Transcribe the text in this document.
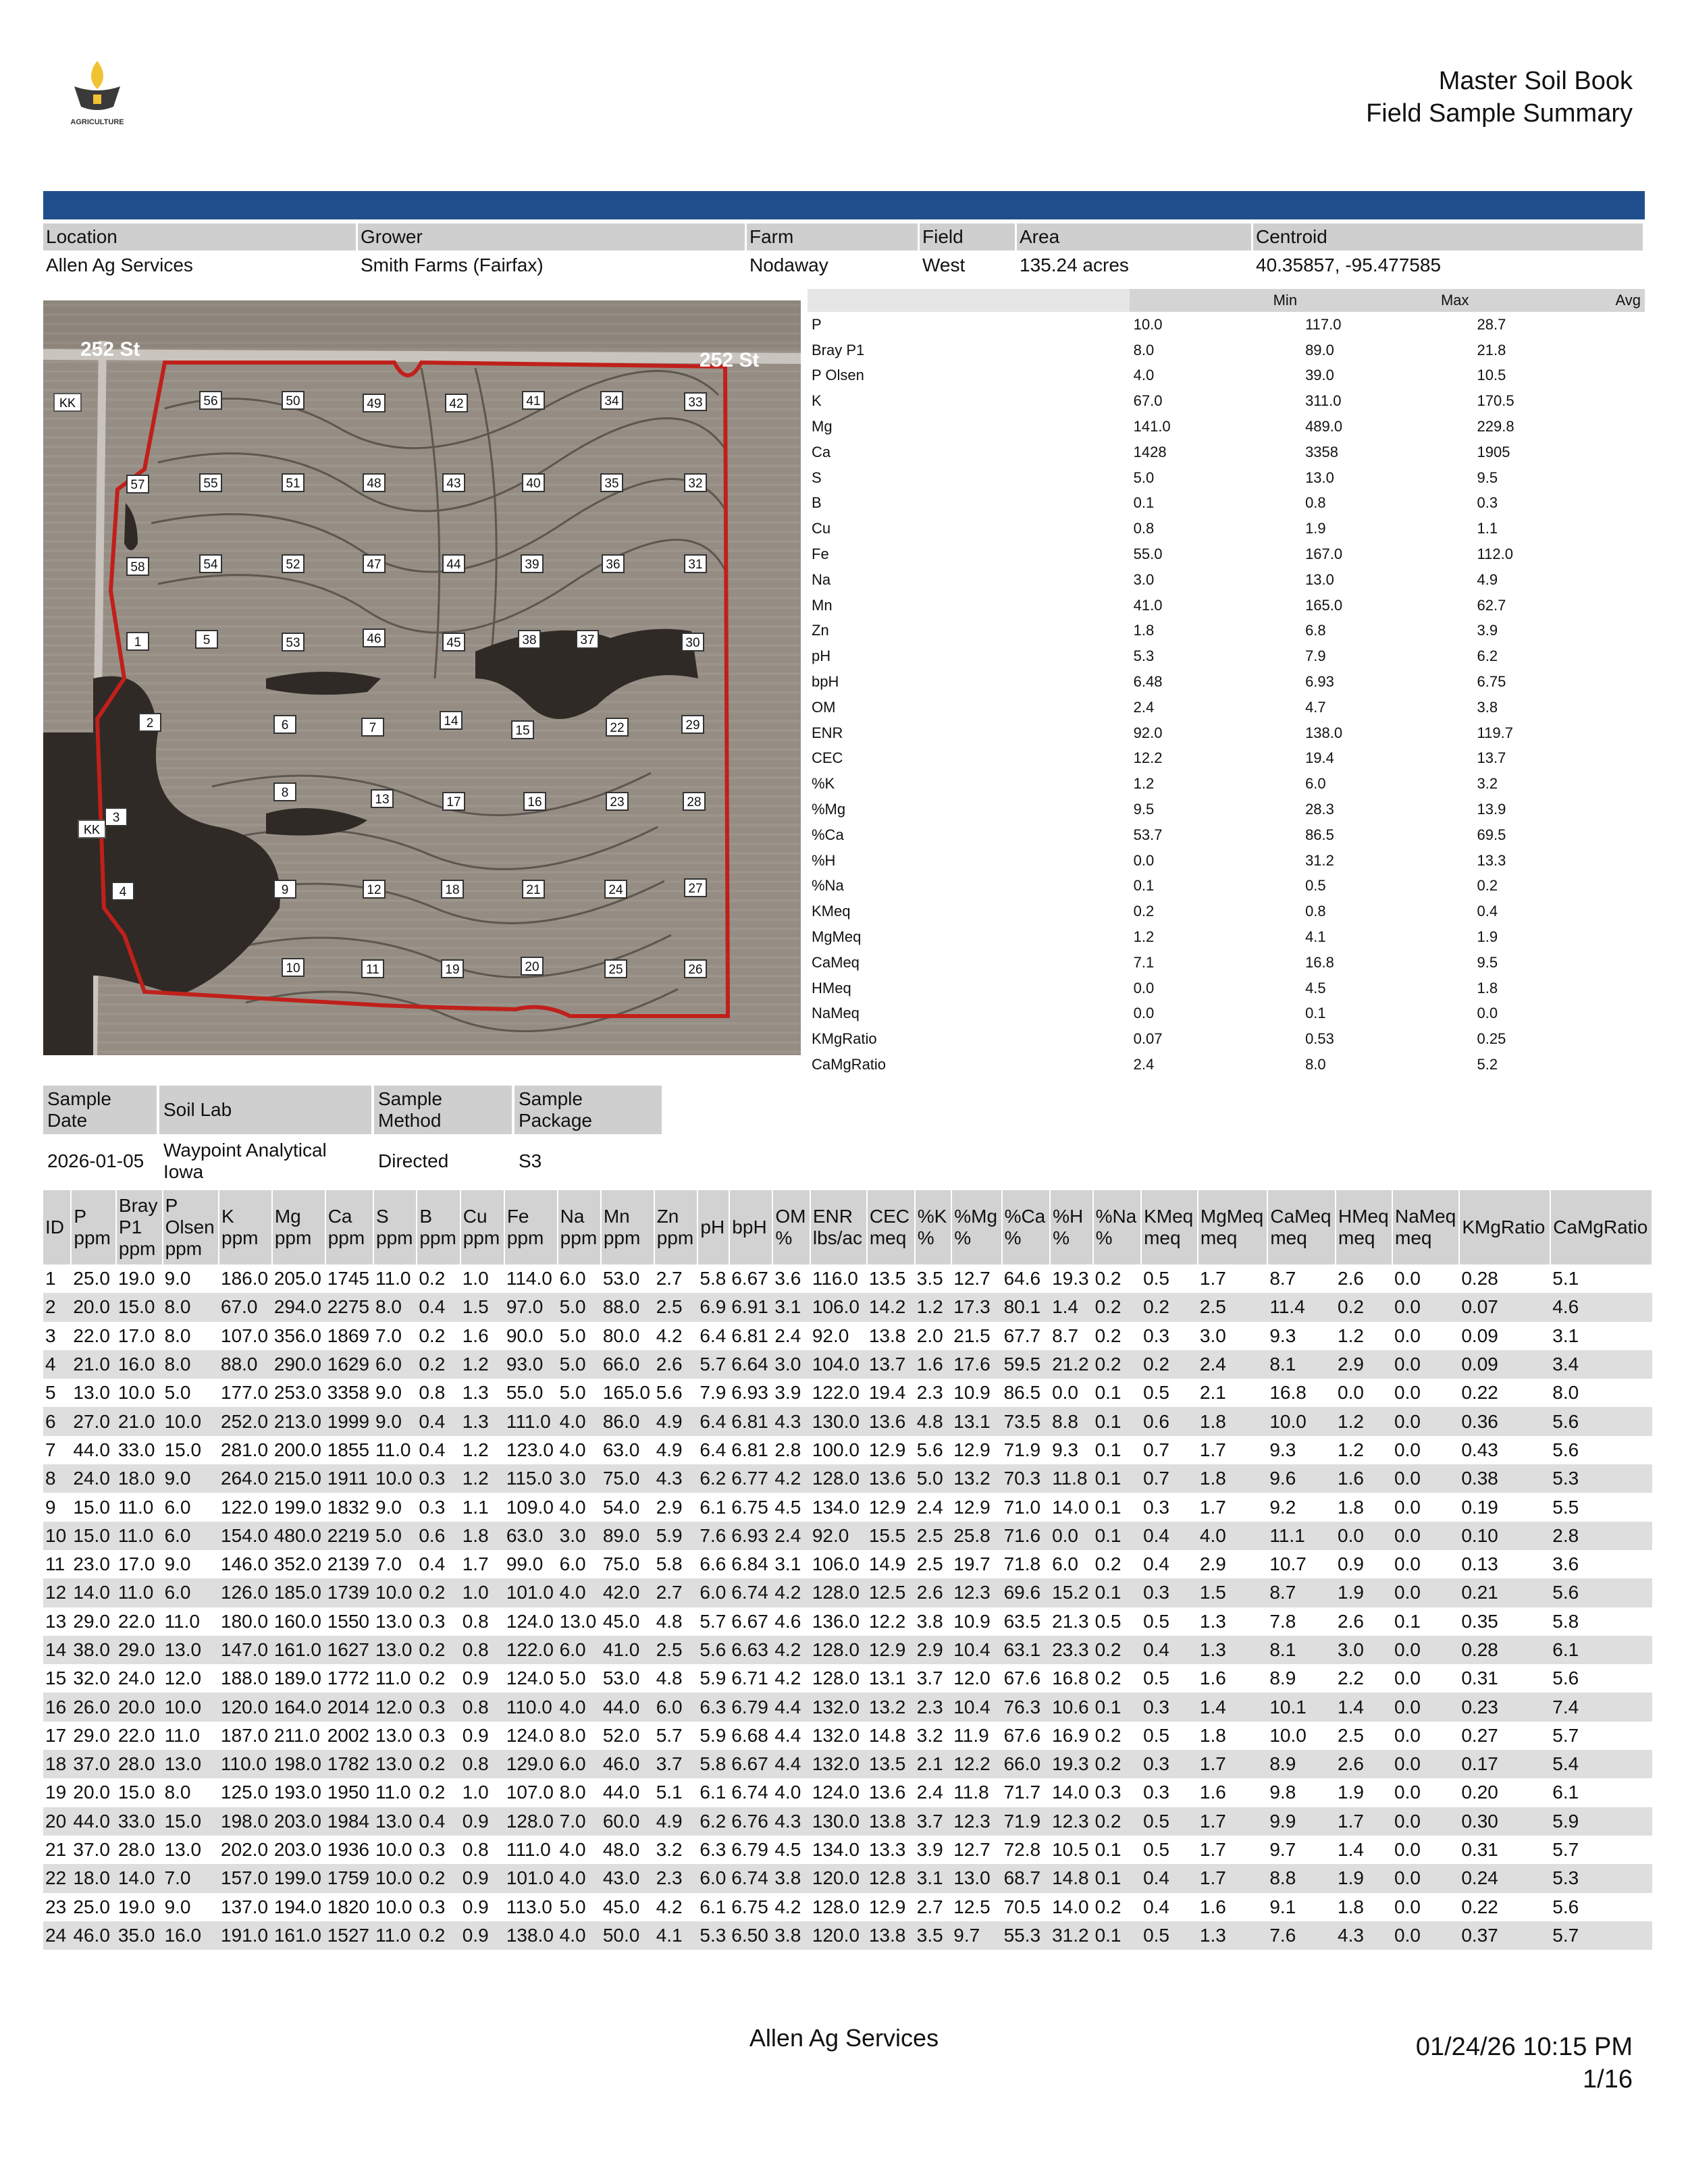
AGRICULTURE
Master Soil Book
Field Sample Summary
Location	Grower	Farm	Field	Area	Centroid
Allen Ag Services	Smith Farms (Fairfax)	Nodaway	West	135.24 acres	40.35857, -95.477585
252 St	252 St
KK
KK
1
2
3
4
5
6	7
8
9
10	11
12
13
14
15
16
17
18
19	20
21
22
23
24
25	26
27
28
29
30
31
32
33
34
35
36
37
38
39
40
41
42
43
44
45
46
47
48
49
50
51
52
53
54
55
56
57
58
	Min	Max	Avg
P	10.0	117.0	28.7
Bray P1	8.0	89.0	21.8
P Olsen	4.0	39.0	10.5
K	67.0	311.0	170.5
Mg	141.0	489.0	229.8
Ca	1428	3358	1905
S	5.0	13.0	9.5
B	0.1	0.8	0.3
Cu	0.8	1.9	1.1
Fe	55.0	167.0	112.0
Na	3.0	13.0	4.9
Mn	41.0	165.0	62.7
Zn	1.8	6.8	3.9
pH	5.3	7.9	6.2
bpH	6.48	6.93	6.75
OM	2.4	4.7	3.8
ENR	92.0	138.0	119.7
CEC	12.2	19.4	13.7
%K	1.2	6.0	3.2
%Mg	9.5	28.3	13.9
%Ca	53.7	86.5	69.5
%H	0.0	31.2	13.3
%Na	0.1	0.5	0.2
KMeq	0.2	0.8	0.4
MgMeq	1.2	4.1	1.9
CaMeq	7.1	16.8	9.5
HMeq	0.0	4.5	1.8
NaMeq	0.0	0.1	0.0
KMgRatio	0.07	0.53	0.25
CaMgRatio	2.4	8.0	5.2
Sample Date	Soil Lab	Sample Method	Sample Package
2026-01-05	Waypoint Analytical Iowa	Directed	S3
ID	P ppm	Bray P1 ppm	P Olsen ppm	K ppm	Mg ppm	Ca ppm	S ppm	B ppm	Cu ppm	Fe ppm	Na ppm	Mn ppm	Zn ppm	pH	bpH	OM %	ENR lbs/ac	CEC meq	%K %	%Mg %	%Ca %	%H %	%Na %	KMeq meq	MgMeq meq	CaMeq meq	HMeq meq	NaMeq meq	KMgRatio	CaMgRatio
1	25.0	19.0	9.0	186.0	205.0	1745	11.0	0.2	1.0	114.0	6.0	53.0	2.7	5.8	6.67	3.6	116.0	13.5	3.5	12.7	64.6	19.3	0.2	0.5	1.7	8.7	2.6	0.0	0.28	5.1
2	20.0	15.0	8.0	67.0	294.0	2275	8.0	0.4	1.5	97.0	5.0	88.0	2.5	6.9	6.91	3.1	106.0	14.2	1.2	17.3	80.1	1.4	0.2	0.2	2.5	11.4	0.2	0.0	0.07	4.6
3	22.0	17.0	8.0	107.0	356.0	1869	7.0	0.2	1.6	90.0	5.0	80.0	4.2	6.4	6.81	2.4	92.0	13.8	2.0	21.5	67.7	8.7	0.2	0.3	3.0	9.3	1.2	0.0	0.09	3.1
4	21.0	16.0	8.0	88.0	290.0	1629	6.0	0.2	1.2	93.0	5.0	66.0	2.6	5.7	6.64	3.0	104.0	13.7	1.6	17.6	59.5	21.2	0.2	0.2	2.4	8.1	2.9	0.0	0.09	3.4
5	13.0	10.0	5.0	177.0	253.0	3358	9.0	0.8	1.3	55.0	5.0	165.0	5.6	7.9	6.93	3.9	122.0	19.4	2.3	10.9	86.5	0.0	0.1	0.5	2.1	16.8	0.0	0.0	0.22	8.0
6	27.0	21.0	10.0	252.0	213.0	1999	9.0	0.4	1.3	111.0	4.0	86.0	4.9	6.4	6.81	4.3	130.0	13.6	4.8	13.1	73.5	8.8	0.1	0.6	1.8	10.0	1.2	0.0	0.36	5.6
7	44.0	33.0	15.0	281.0	200.0	1855	11.0	0.4	1.2	123.0	4.0	63.0	4.9	6.4	6.81	2.8	100.0	12.9	5.6	12.9	71.9	9.3	0.1	0.7	1.7	9.3	1.2	0.0	0.43	5.6
8	24.0	18.0	9.0	264.0	215.0	1911	10.0	0.3	1.2	115.0	3.0	75.0	4.3	6.2	6.77	4.2	128.0	13.6	5.0	13.2	70.3	11.8	0.1	0.7	1.8	9.6	1.6	0.0	0.38	5.3
9	15.0	11.0	6.0	122.0	199.0	1832	9.0	0.3	1.1	109.0	4.0	54.0	2.9	6.1	6.75	4.5	134.0	12.9	2.4	12.9	71.0	14.0	0.1	0.3	1.7	9.2	1.8	0.0	0.19	5.5
10	15.0	11.0	6.0	154.0	480.0	2219	5.0	0.6	1.8	63.0	3.0	89.0	5.9	7.6	6.93	2.4	92.0	15.5	2.5	25.8	71.6	0.0	0.1	0.4	4.0	11.1	0.0	0.0	0.10	2.8
11	23.0	17.0	9.0	146.0	352.0	2139	7.0	0.4	1.7	99.0	6.0	75.0	5.8	6.6	6.84	3.1	106.0	14.9	2.5	19.7	71.8	6.0	0.2	0.4	2.9	10.7	0.9	0.0	0.13	3.6
12	14.0	11.0	6.0	126.0	185.0	1739	10.0	0.2	1.0	101.0	4.0	42.0	2.7	6.0	6.74	4.2	128.0	12.5	2.6	12.3	69.6	15.2	0.1	0.3	1.5	8.7	1.9	0.0	0.21	5.6
13	29.0	22.0	11.0	180.0	160.0	1550	13.0	0.3	0.8	124.0	13.0	45.0	4.8	5.7	6.67	4.6	136.0	12.2	3.8	10.9	63.5	21.3	0.5	0.5	1.3	7.8	2.6	0.1	0.35	5.8
14	38.0	29.0	13.0	147.0	161.0	1627	13.0	0.2	0.8	122.0	6.0	41.0	2.5	5.6	6.63	4.2	128.0	12.9	2.9	10.4	63.1	23.3	0.2	0.4	1.3	8.1	3.0	0.0	0.28	6.1
15	32.0	24.0	12.0	188.0	189.0	1772	11.0	0.2	0.9	124.0	5.0	53.0	4.8	5.9	6.71	4.2	128.0	13.1	3.7	12.0	67.6	16.8	0.2	0.5	1.6	8.9	2.2	0.0	0.31	5.6
16	26.0	20.0	10.0	120.0	164.0	2014	12.0	0.3	0.8	110.0	4.0	44.0	6.0	6.3	6.79	4.4	132.0	13.2	2.3	10.4	76.3	10.6	0.1	0.3	1.4	10.1	1.4	0.0	0.23	7.4
17	29.0	22.0	11.0	187.0	211.0	2002	13.0	0.3	0.9	124.0	8.0	52.0	5.7	5.9	6.68	4.4	132.0	14.8	3.2	11.9	67.6	16.9	0.2	0.5	1.8	10.0	2.5	0.0	0.27	5.7
18	37.0	28.0	13.0	110.0	198.0	1782	13.0	0.2	0.8	129.0	6.0	46.0	3.7	5.8	6.67	4.4	132.0	13.5	2.1	12.2	66.0	19.3	0.2	0.3	1.7	8.9	2.6	0.0	0.17	5.4
19	20.0	15.0	8.0	125.0	193.0	1950	11.0	0.2	1.0	107.0	8.0	44.0	5.1	6.1	6.74	4.0	124.0	13.6	2.4	11.8	71.7	14.0	0.3	0.3	1.6	9.8	1.9	0.0	0.20	6.1
20	44.0	33.0	15.0	198.0	203.0	1984	13.0	0.4	0.9	128.0	7.0	60.0	4.9	6.2	6.76	4.3	130.0	13.8	3.7	12.3	71.9	12.3	0.2	0.5	1.7	9.9	1.7	0.0	0.30	5.9
21	37.0	28.0	13.0	202.0	203.0	1936	10.0	0.3	0.8	111.0	4.0	48.0	3.2	6.3	6.79	4.5	134.0	13.3	3.9	12.7	72.8	10.5	0.1	0.5	1.7	9.7	1.4	0.0	0.31	5.7
22	18.0	14.0	7.0	157.0	199.0	1759	10.0	0.2	0.9	101.0	4.0	43.0	2.3	6.0	6.74	3.8	120.0	12.8	3.1	13.0	68.7	14.8	0.1	0.4	1.7	8.8	1.9	0.0	0.24	5.3
23	25.0	19.0	9.0	137.0	194.0	1820	10.0	0.3	0.9	113.0	5.0	45.0	4.2	6.1	6.75	4.2	128.0	12.9	2.7	12.5	70.5	14.0	0.2	0.4	1.6	9.1	1.8	0.0	0.22	5.6
24	46.0	35.0	16.0	191.0	161.0	1527	11.0	0.2	0.9	138.0	4.0	50.0	4.1	5.3	6.50	3.8	120.0	13.8	3.5	9.7	55.3	31.2	0.1	0.5	1.3	7.6	4.3	0.0	0.37	5.7
Allen Ag Services	01/24/26 10:15 PM
1/16
